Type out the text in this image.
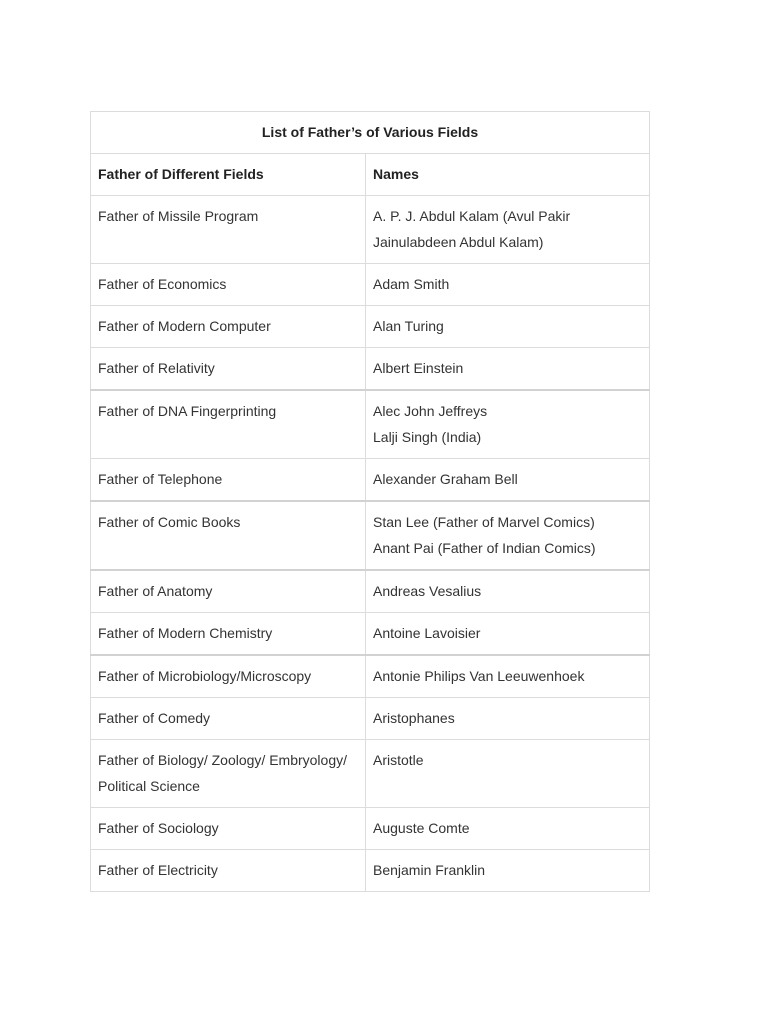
List of Father’s of Various Fields	
Father of Different Fields	Names
Father of Missile Program	A. P. J. Abdul Kalam (Avul Pakir
Jainulabdeen Abdul Kalam)

Father of Economics	Adam Smith

Father of Modern Computer	Alan Turing

Father of Relativity	Albert Einstein

Father of DNA Fingerprinting	Alec John Jeffreys
Lalji Singh (India)

Father of Telephone	Alexander Graham Bell

Father of Comic Books	Stan Lee (Father of Marvel Comics)
Anant Pai (Father of Indian Comics)

Father of Anatomy	Andreas Vesalius

Father of Modern Chemistry	Antoine Lavoisier

Father of Microbiology/Microscopy	Antonie Philips Van Leeuwenhoek

Father of Comedy	Aristophanes

Father of Biology/ Zoology/ Embryology/ Political Science	Aristotle

Father of Sociology	Auguste Comte

Father of Electricity	Benjamin Franklin
